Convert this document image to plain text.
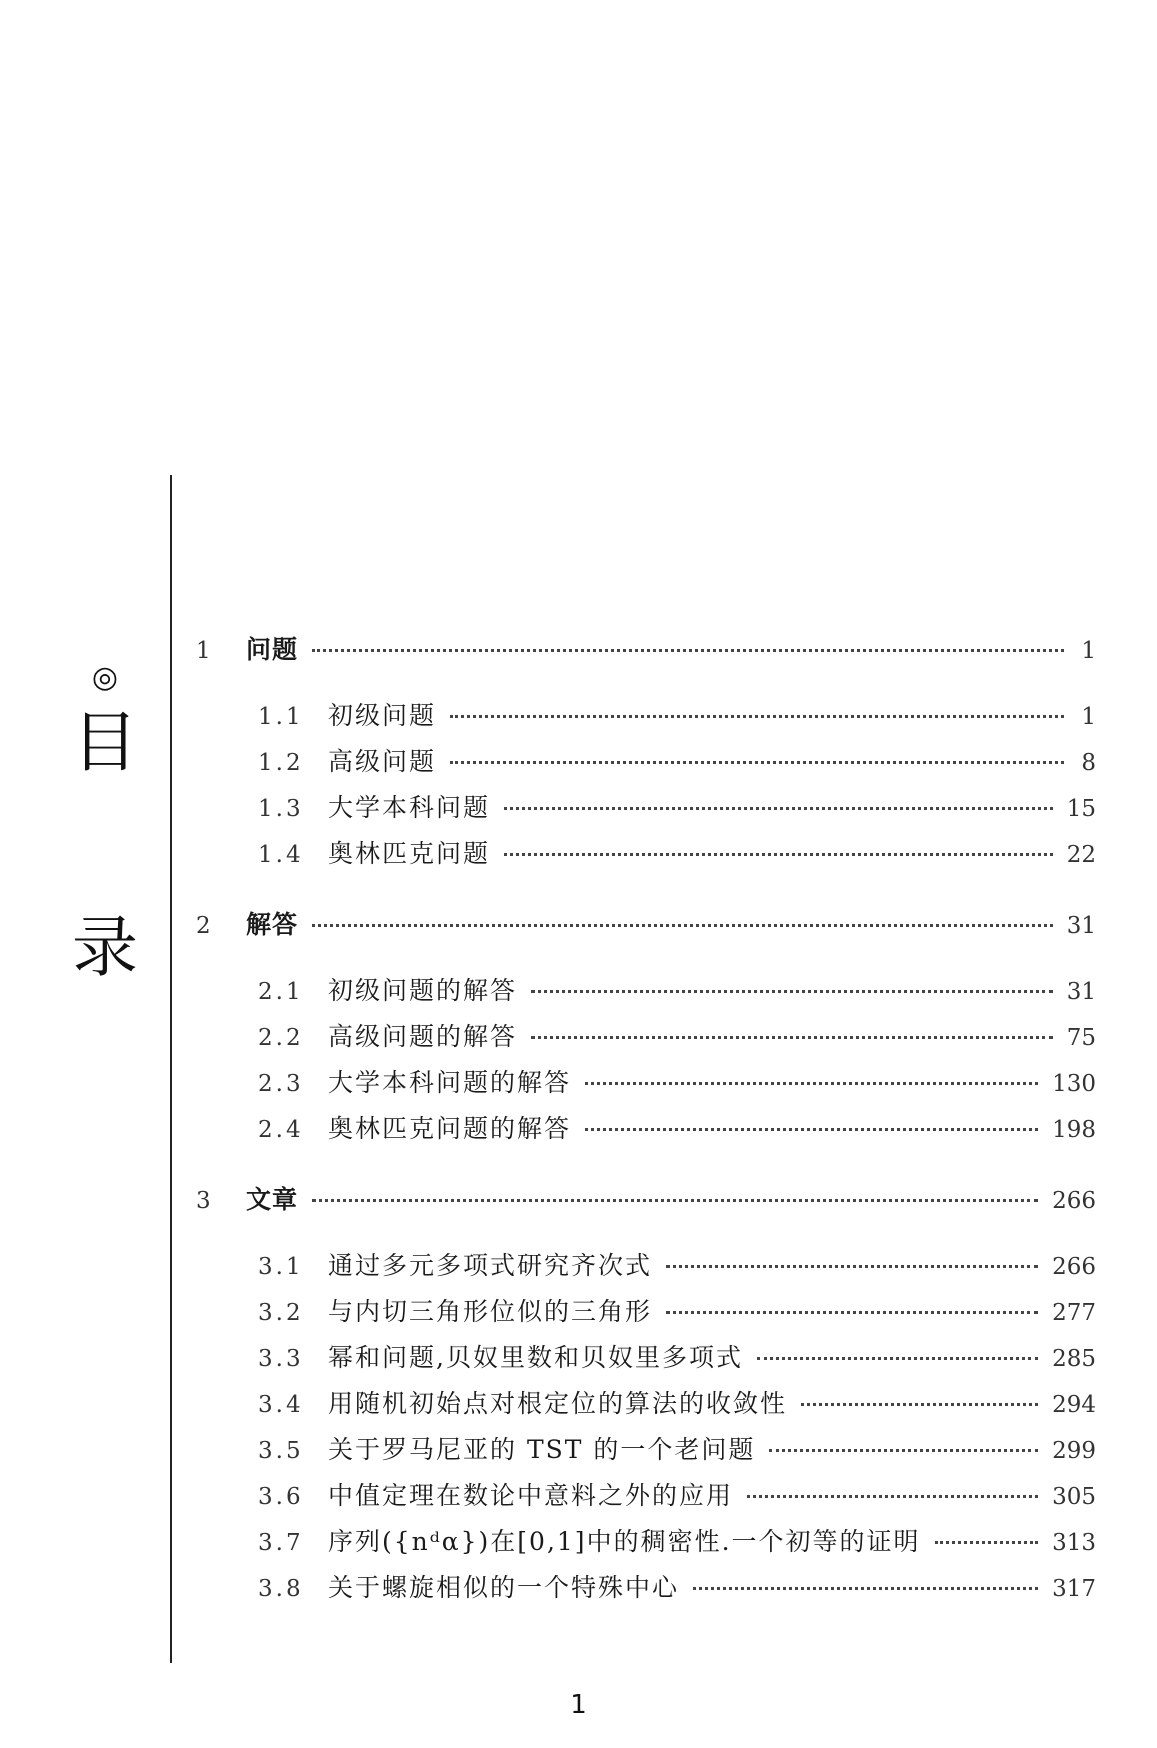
◎
目
录
1	问题	1
1.1 初级问题	1
1.2 高级问题	8
1.3 大学本科问题	15
1.4 奥林匹克问题	22
2	解答	31
2.1 初级问题的解答	31
2.2 高级问题的解答	75
2.3 大学本科问题的解答	130
2.4 奥林匹克问题的解答	198
3	文章	266
3.1 通过多元多项式研究齐次式	266
3.2 与内切三角形位似的三角形	277
3.3 幂和问题,贝奴里数和贝奴里多项式	285
3.4 用随机初始点对根定位的算法的收敛性	294
3.5 关于罗马尼亚的 TST 的一个老问题	299
3.6 中值定理在数论中意料之外的应用	305
3.7 序列({nᵈα})在[0,1]中的稠密性.一个初等的证明	313
3.8 关于螺旋相似的一个特殊中心	317
1
